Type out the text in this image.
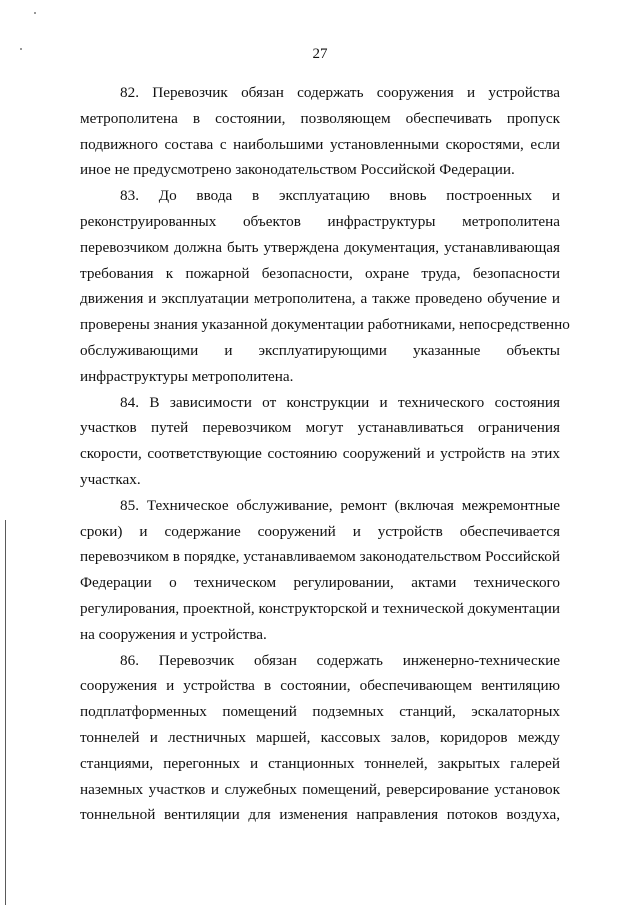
27

82. Перевозчик обязан содержать сооружения и устройства
метрополитена в состоянии, позволяющем обеспечивать пропуск
подвижного состава с наибольшими установленными скоростями, если
иное не предусмотрено законодательством Российской Федерации.

83. До ввода в эксплуатацию вновь построенных и
реконструированных объектов инфраструктуры метрополитена
перевозчиком должна быть утверждена документация, устанавливающая
требования к пожарной безопасности, охране труда, безопасности
движения и эксплуатации метрополитена, а также проведено обучение и
проверены знания указанной документации работниками, непосредственно
обслуживающими и эксплуатирующими указанные объекты
инфраструктуры метрополитена.

84. В зависимости от конструкции и технического состояния
участков путей перевозчиком могут устанавливаться ограничения
скорости, соответствующие состоянию сооружений и устройств на этих
участках.

85. Техническое обслуживание, ремонт (включая межремонтные
сроки) и содержание сооружений и устройств обеспечивается
перевозчиком в порядке, устанавливаемом законодательством Российской
Федерации о техническом регулировании, актами технического
регулирования, проектной, конструкторской и технической документации
на сооружения и устройства.

86. Перевозчик обязан содержать инженерно-технические
сооружения и устройства в состоянии, обеспечивающем вентиляцию
подплатформенных помещений подземных станций, эскалаторных
тоннелей и лестничных маршей, кассовых залов, коридоров между
станциями, перегонных и станционных тоннелей, закрытых галерей
наземных участков и служебных помещений, реверсирование установок
тоннельной вентиляции для изменения направления потоков воздуха,
